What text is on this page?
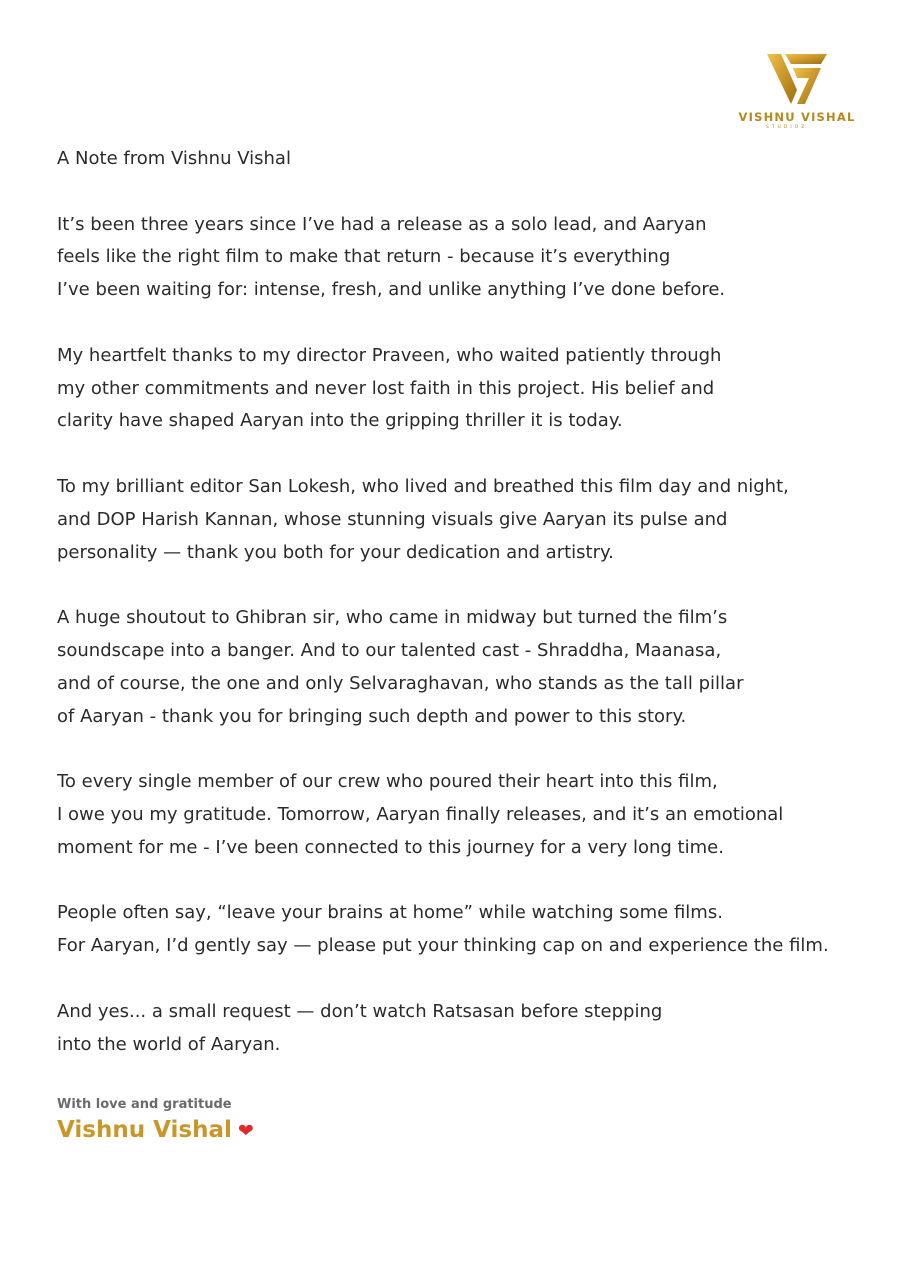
VISHNU VISHAL
STUDIOZ
A Note from Vishnu Vishal
It’s been three years since I’ve had a release as a solo lead, and Aaryan
feels like the right film to make that return - because it’s everything
I’ve been waiting for: intense, fresh, and unlike anything I’ve done before.
My heartfelt thanks to my director Praveen, who waited patiently through
my other commitments and never lost faith in this project. His belief and
clarity have shaped Aaryan into the gripping thriller it is today.
To my brilliant editor San Lokesh, who lived and breathed this film day and night,
and DOP Harish Kannan, whose stunning visuals give Aaryan its pulse and
personality — thank you both for your dedication and artistry.
A huge shoutout to Ghibran sir, who came in midway but turned the film’s
soundscape into a banger. And to our talented cast - Shraddha, Maanasa,
and of course, the one and only Selvaraghavan, who stands as the tall pillar
of Aaryan - thank you for bringing such depth and power to this story.
To every single member of our crew who poured their heart into this film,
I owe you my gratitude. Tomorrow, Aaryan finally releases, and it’s an emotional
moment for me - I’ve been connected to this journey for a very long time.
People often say, “leave your brains at home” while watching some films.
For Aaryan, I’d gently say — please put your thinking cap on and experience the film.
And yes... a small request — don’t watch Ratsasan before stepping
into the world of Aaryan.
With love and gratitude
Vishnu Vishal ❤
